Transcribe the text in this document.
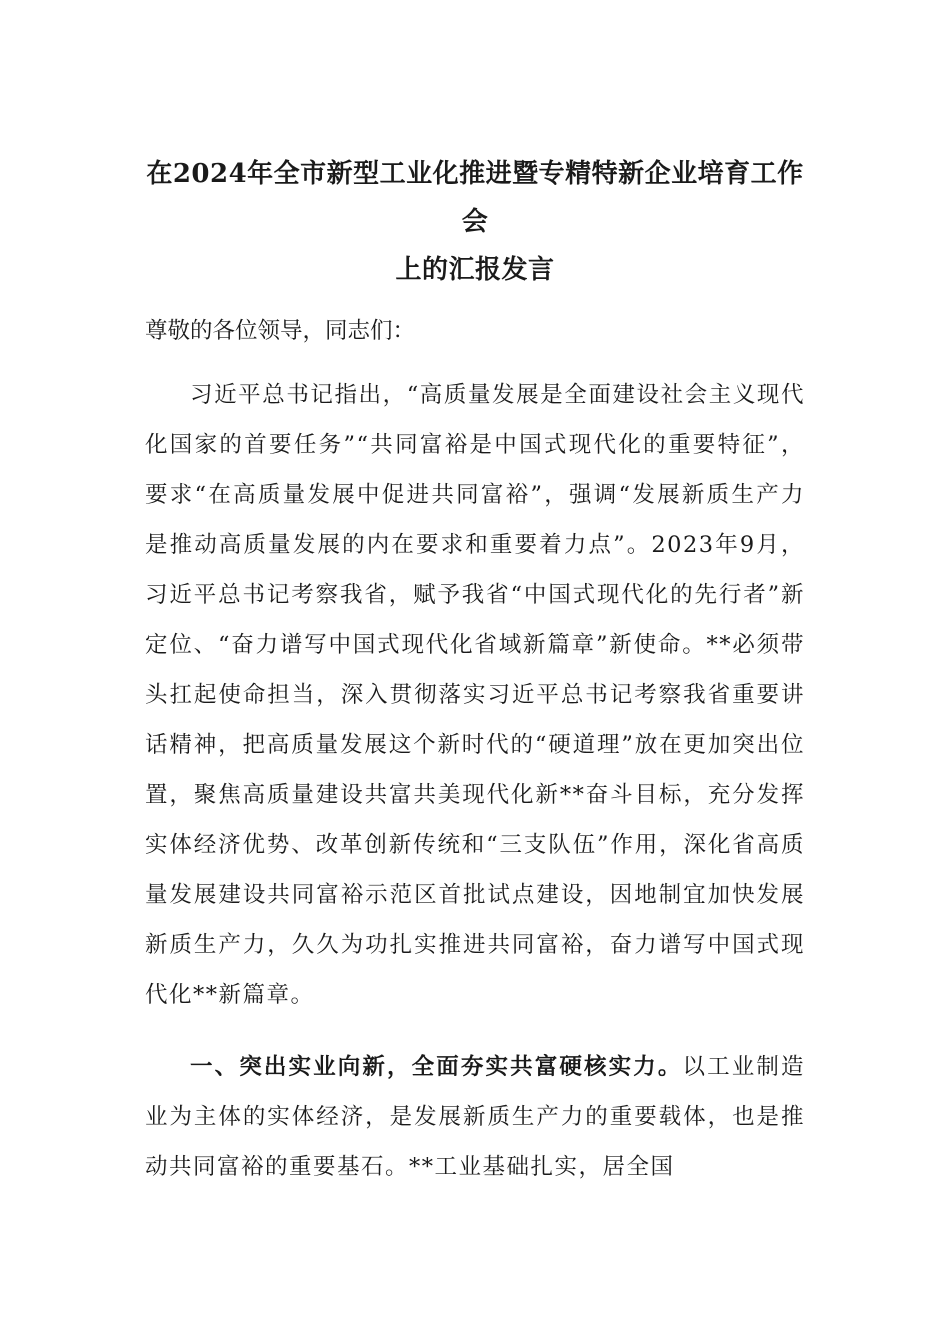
在2024年全市新型工业化推进暨专精特新企业培育工作会
上的汇报发言

尊敬的各位领导，同志们：

习近平总书记指出，“高质量发展是全面建设社会主义现代化国家的首要任务”“共同富裕是中国式现代化的重要特征”，要求“在高质量发展中促进共同富裕”，强调“发展新质生产力是推动高质量发展的内在要求和重要着力点”。2023年9月，习近平总书记考察我省，赋予我省“中国式现代化的先行者”新定位、“奋力谱写中国式现代化省域新篇章”新使命。**必须带头扛起使命担当，深入贯彻落实习近平总书记考察我省重要讲话精神，把高质量发展这个新时代的“硬道理”放在更加突出位置，聚焦高质量建设共富共美现代化新**奋斗目标，充分发挥实体经济优势、改革创新传统和“三支队伍”作用，深化省高质量发展建设共同富裕示范区首批试点建设，因地制宜加快发展新质生产力，久久为功扎实推进共同富裕，奋力谱写中国式现代化**新篇章。

一、突出实业向新，全面夯实共富硬核实力。以工业制造业为主体的实体经济，是发展新质生产力的重要载体，也是推动共同富裕的重要基石。**工业基础扎实，居全国
